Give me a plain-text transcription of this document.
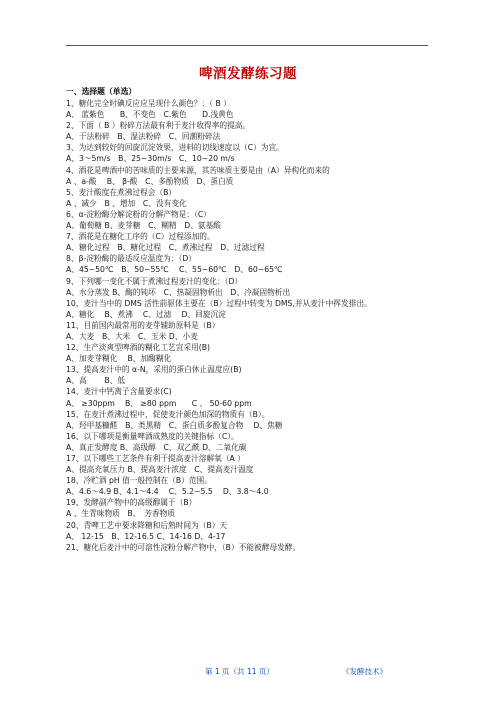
啤酒发酵练习题
一、选择题（单选）
1、糖化完全时碘反应应呈现什么颜色？：（ B ）
A、 蓝紫色　　B、不变色　C.紫色　　D.浅黄色
2、下面（ B ）粉碎方法最有利于麦汁收得率的提高。
A、干法粉碎　B、湿法粉碎　C、回潮粉碎法
3、为达到较好的回旋沉淀效果，进料的切线速度以（C）为宜。
A、3～5m/s　B、25~30m/s　C、10~20 m/s
4、酒花是啤酒中的苦味质的主要来源，其苦味质主要是由（A）异构化而来的
A 、a-酸　 B、 β-酸　C、多酚物质　D、蛋白质
5、麦汁酸度在煮沸过程会（B）
A 、减少　B 、增加　C、没有变化
6、α-淀粉酶分解淀粉的分解产物是：（C）
A、葡萄糖 B、麦芽糖　C、糊精　D、氨基酸
7、酒花是在糖化工序的（C）过程添加的。
A、糖化过程　B、糖化过程　C、煮沸过程　D、过滤过程
8、β-淀粉酶的最适反应温度为：（D）
A、45~50℃　B、50~55℃　 C、55~60℃　D、60~65℃
9、下列哪一变化不属于煮沸过程麦汁的变化：（D）
A、水分蒸发 B、酶的钝坏　C、热凝固物析出　D、冷凝固物析出
10、麦汁当中的 DMS 活性前驱体主要在（B）过程中转变为 DMS,并从麦汁中挥发排出。
A、糖化　 B、煮沸　 C、过滤　 D、回旋沉淀
11、目前国内最常用的麦芽辅助原料是（B）
A、大麦　B、大米　C、玉米 D、小麦
12、生产淡爽型啤酒的糊化工艺宜采用(B)
A、加麦芽糊化　 B、加酶糊化
13、提高麦汁中的 α-N，采用的蛋白休止温度应(B)
A、高　　 B、低
14、麦汁中钙离子含量要求(C)
A、 ≥30ppm　 B、 ≥80 ppm　　C 、 50-60 ppm
15、在麦汁煮沸过程中，促使麦汁颜色加深的物质有（B）。
A、羟甲基糠醛　B、类黑精　C、蛋白质多酚复合物　 D、焦糖
16、以下哪项是衡量啤酒成熟度的关键指标（C）。
A、真正发酵度 B、高级醇　C、双乙酰 D、二氧化碳
17、以下哪些工艺条件有利于提高麦汁溶解氧（A ）
A、提高充氧压力 B、提高麦汁浓度　C、提高麦汁温度
18、冷贮酒 pH 值一般控制在（B）范围。
A、4.6～4.9 B、4.1～4.4　 C、5.2~5.5　 D、3.8～4.0
19、发酵副产物中的高级醇属于（B）
A 、生青味物质　B、　芳香物质
20、青啤工艺中要求降糖和后熟时间为（B）天
A、 12-15　B、12-16.5 C、14-16 D、4-17
21、糖化后麦汁中的可溶性淀粉分解产物中，（B）不能被酵母发酵。
第 1 页（共 11 页）	《发酵技术》
